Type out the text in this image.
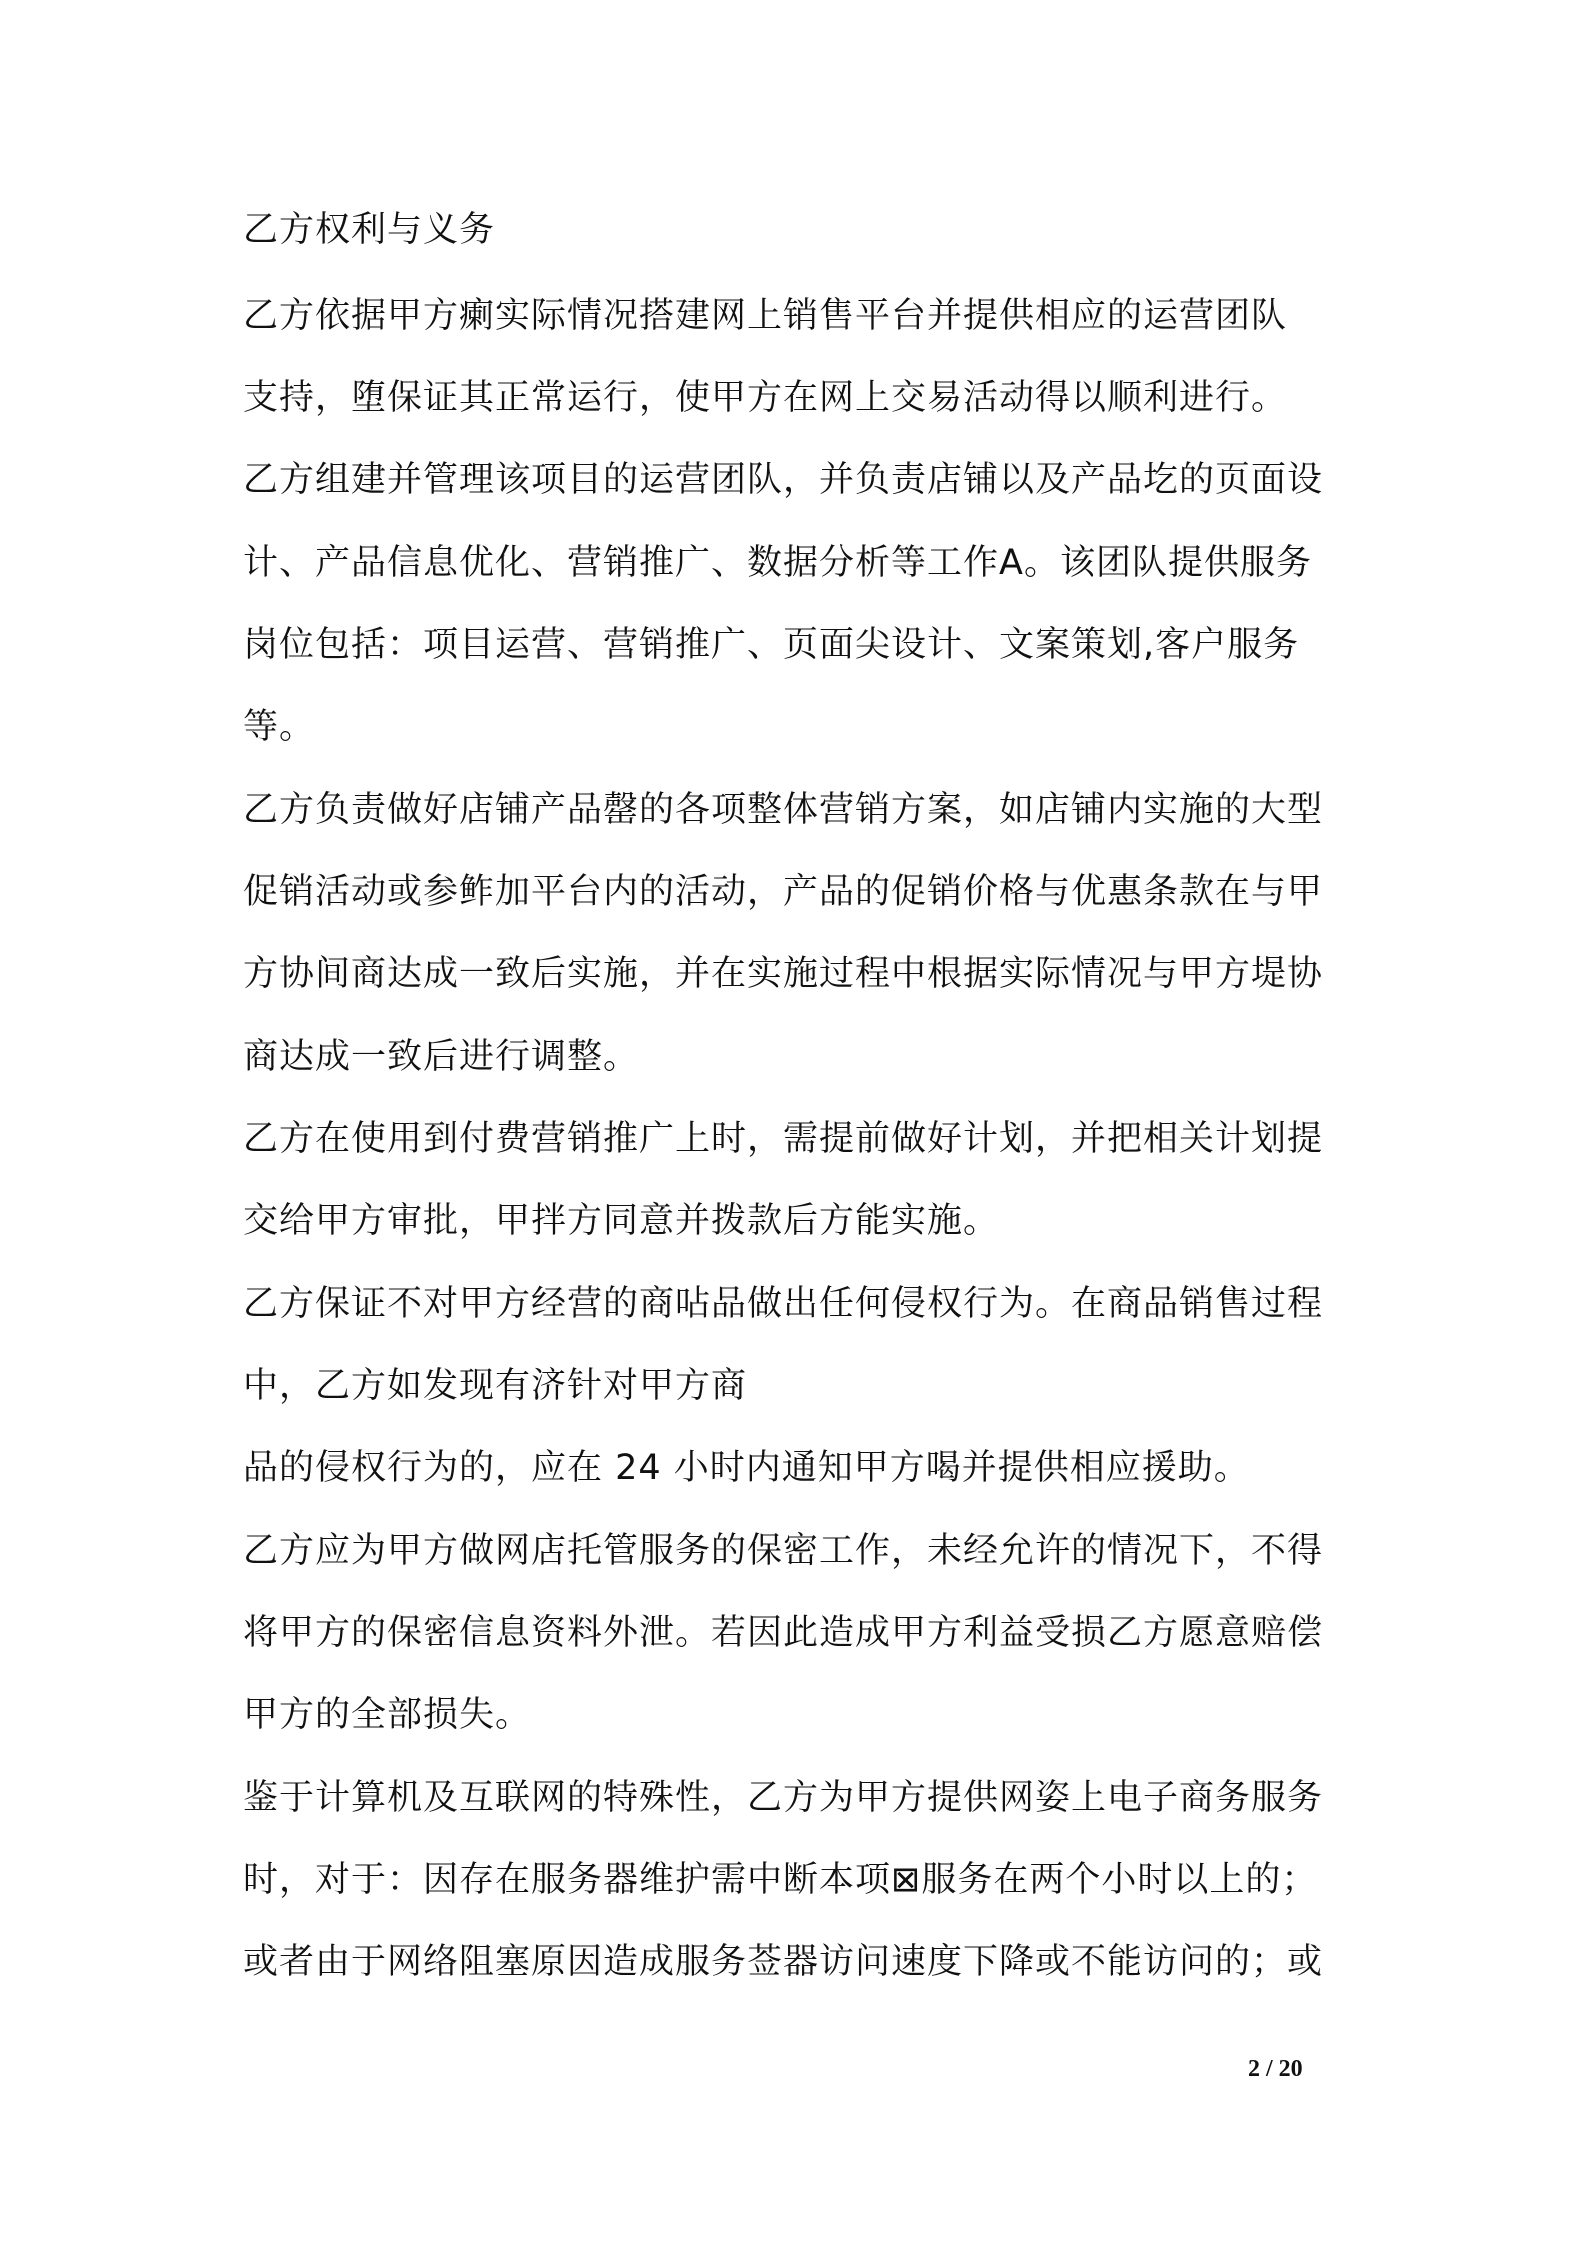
乙方权利与义务
乙方依据甲方瘌实际情况搭建网上销售平台并提供相应的运营团队
支持，堕保证其正常运行，使甲方在网上交易活动得以顺利进行。
乙方组建并管理该项目的运营团队，并负责店铺以及产品圪的页面设
计、产品信息优化、营销推广、数据分析等工作A。该团队提供服务
岗位包括：项目运营、营销推广、页面尖设计、文案策划,客户服务
等。
乙方负责做好店铺产品罄的各项整体营销方案，如店铺内实施的大型
促销活动或参鲊加平台内的活动，产品的促销价格与优惠条款在与甲
方协间商达成一致后实施，并在实施过程中根据实际情况与甲方堤协
商达成一致后进行调整。
乙方在使用到付费营销推广上时，需提前做好计划，并把相关计划提
交给甲方审批，甲拌方同意并拨款后方能实施。
乙方保证不对甲方经营的商呫品做出任何侵权行为。在商品销售过程
中，乙方如发现有济针对甲方商
品的侵权行为的，应在 24 小时内通知甲方喝并提供相应援助。
乙方应为甲方做网店托管服务的保密工作，未经允许的情况下，不得
将甲方的保密信息资料外泄。若因此造成甲方利益受损乙方愿意赔偿
甲方的全部损失。
鉴于计算机及互联网的特殊性，乙方为甲方提供网姿上电子商务服务
时，对于：因存在服务器维护需中断本项⊠服务在两个小时以上的；
或者由于网络阻塞原因造成服务莶器访问速度下降或不能访问的；或
2 / 20
